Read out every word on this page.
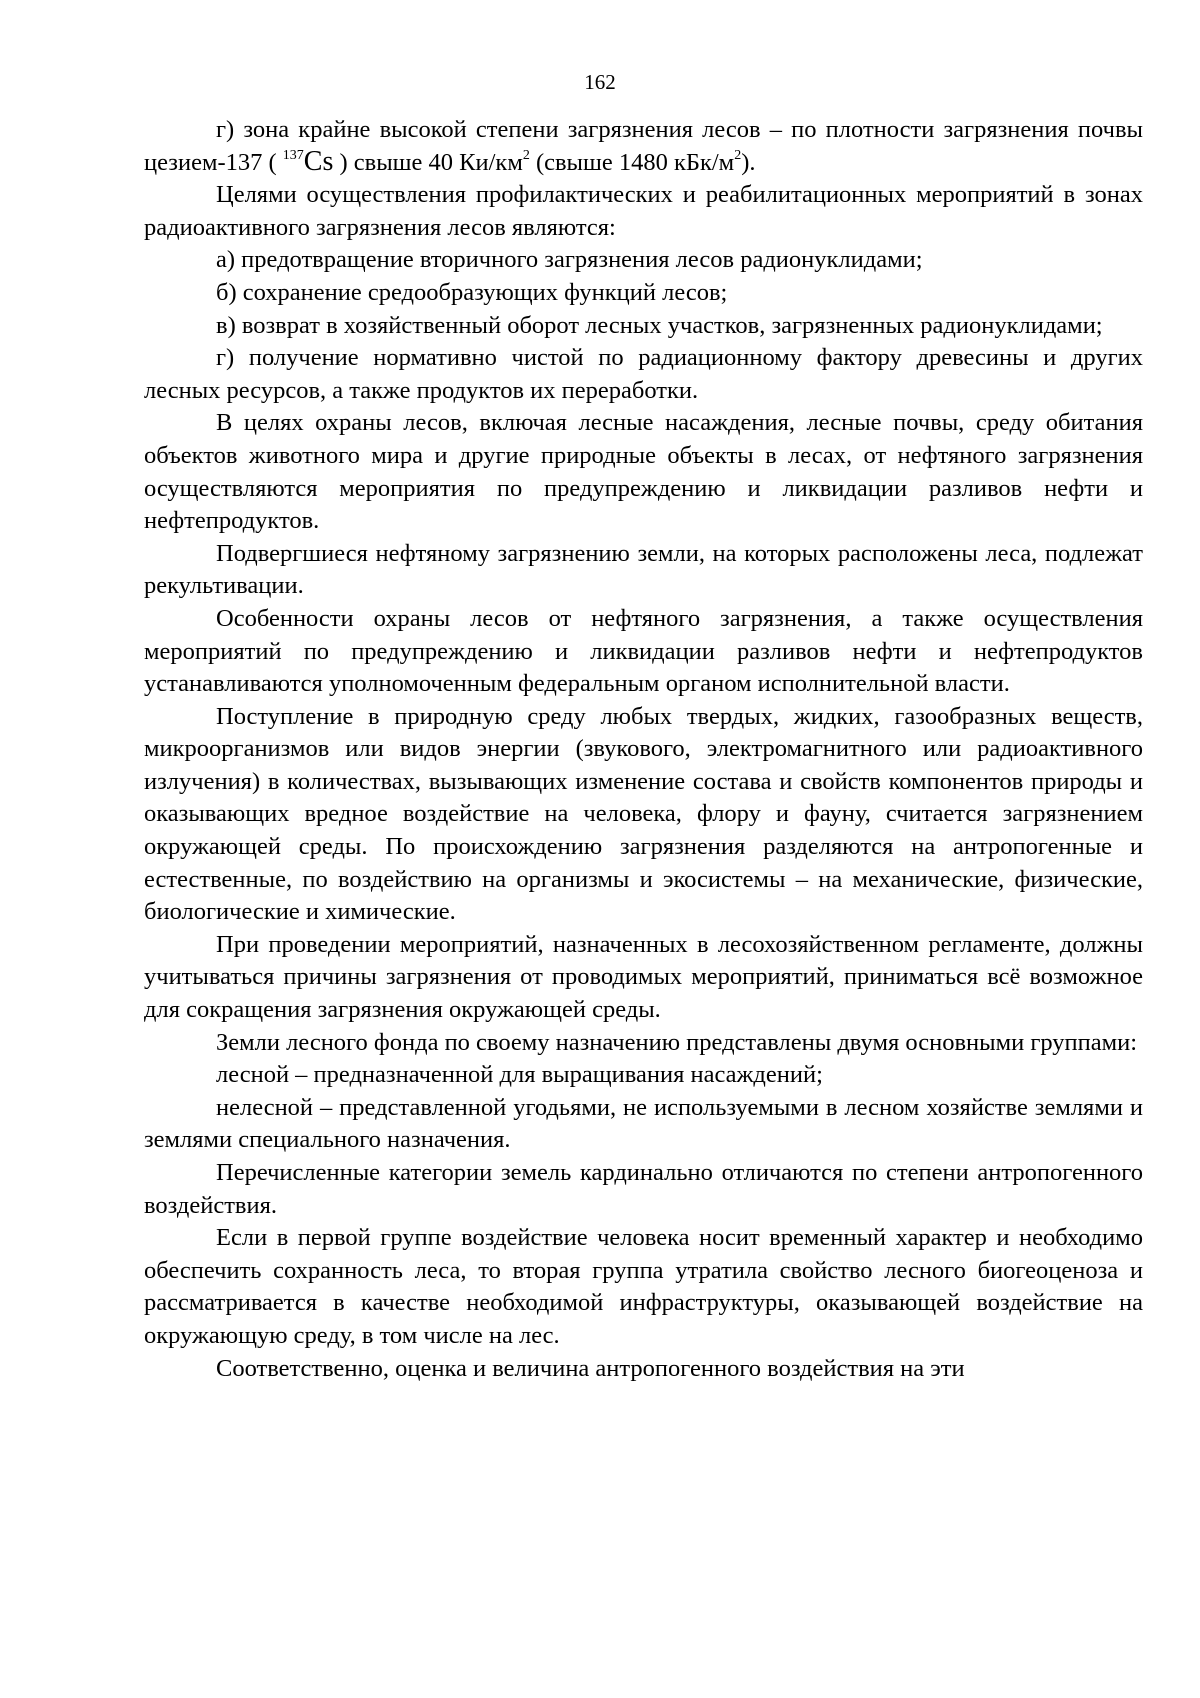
162

г) зона крайне высокой степени загрязнения лесов – по плотности загрязнения почвы цезием-137 ( $^{137}$Cs ) свыше 40 $Ки/км^2$ (свыше 1480 кБк/$м^2$).

Целями осуществления профилактических и реабилитационных мероприятий в зонах радиоактивного загрязнения лесов являются:

а) предотвращение вторичного загрязнения лесов радионуклидами;

б) сохранение средообразующих функций лесов;

в) возврат в хозяйственный оборот лесных участков, загрязненных радионуклидами;

г) получение нормативно чистой по радиационному фактору древесины и других лесных ресурсов, а также продуктов их переработки.

В целях охраны лесов, включая лесные насаждения, лесные почвы, среду обитания объектов животного мира и другие природные объекты в лесах, от нефтяного загрязнения осуществляются мероприятия по предупреждению и ликвидации разливов нефти и нефтепродуктов.

Подвергшиеся нефтяному загрязнению земли, на которых расположены леса, подлежат рекультивации.

Особенности охраны лесов от нефтяного загрязнения, а также осуществления мероприятий по предупреждению и ликвидации разливов нефти и нефтепродуктов устанавливаются уполномоченным федеральным органом исполнительной власти.

Поступление в природную среду любых твердых, жидких, газообразных веществ, микроорганизмов или видов энергии (звукового, электромагнитного или радиоактивного излучения) в количествах, вызывающих изменение состава и свойств компонентов природы и оказывающих вредное воздействие на человека, флору и фауну, считается загрязнением окружающей среды. По происхождению загрязнения разделяются на антропогенные и естественные, по воздействию на организмы и экосистемы – на механические, физические, биологические и химические.

При проведении мероприятий, назначенных в лесохозяйственном регламенте, должны учитываться причины загрязнения от проводимых мероприятий, приниматься всё возможное для сокращения загрязнения окружающей среды.

Земли лесного фонда по своему назначению представлены двумя основными группами:

лесной – предназначенной для выращивания насаждений;

нелесной – представленной угодьями, не используемыми в лесном хозяйстве землями и землями специального назначения.

Перечисленные категории земель кардинально отличаются по степени антропогенного воздействия.

Если в первой группе воздействие человека носит временный характер и необходимо обеспечить сохранность леса, то вторая группа утратила свойство лесного биогеоценоза и рассматривается в качестве необходимой инфраструктуры, оказывающей воздействие на окружающую среду, в том числе на лес.

Соответственно, оценка и величина антропогенного воздействия на эти
